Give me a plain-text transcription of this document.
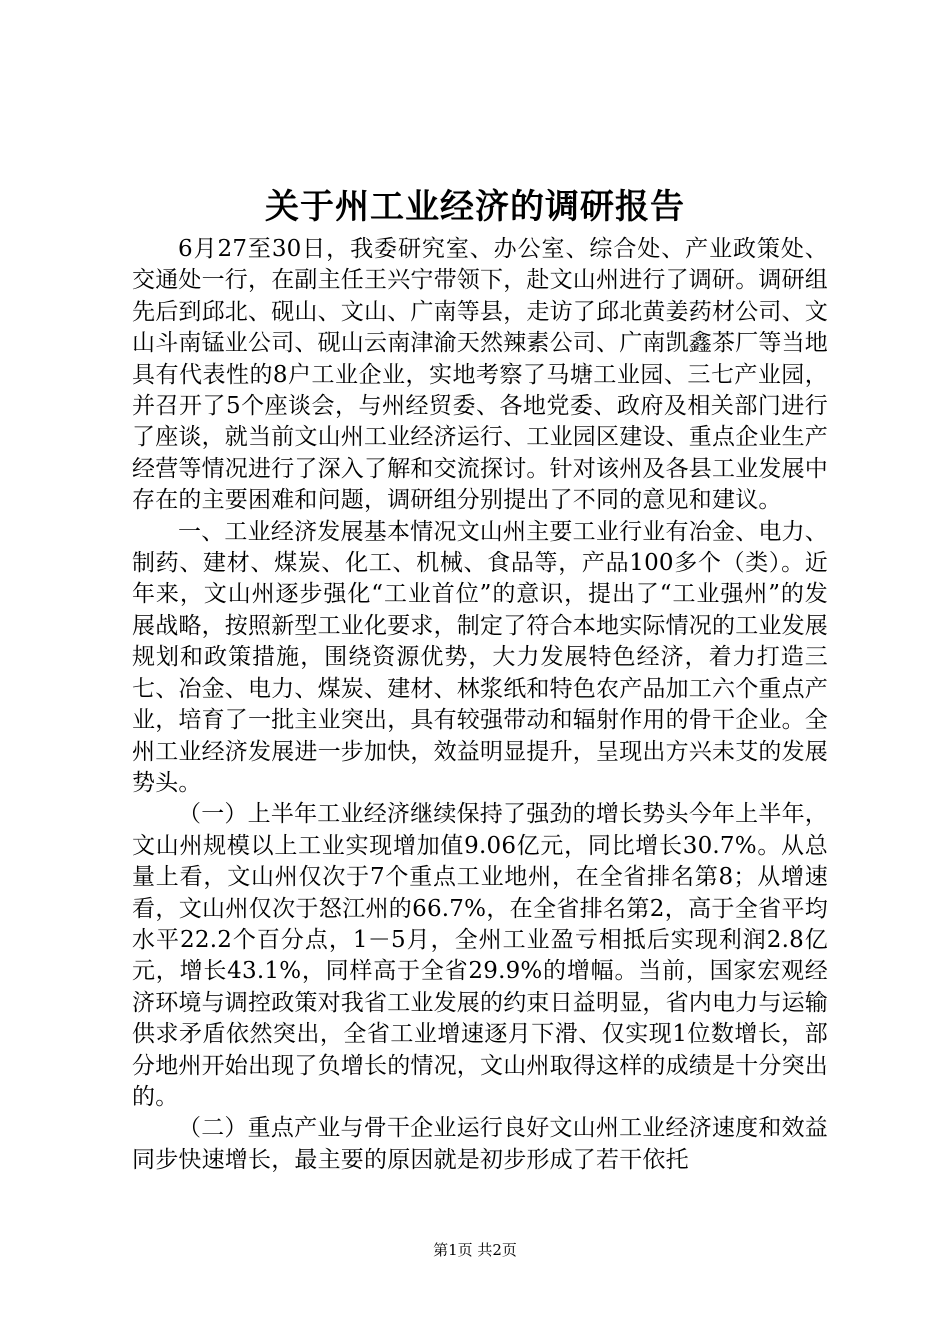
关于州工业经济的调研报告

6月27至30日，我委研究室、办公室、综合处、产业政策处、交通处一行，在副主任王兴宁带领下，赴文山州进行了调研。调研组先后到邱北、砚山、文山、广南等县，走访了邱北黄姜药材公司、文山斗南锰业公司、砚山云南津渝天然辣素公司、广南凯鑫茶厂等当地具有代表性的8户工业企业，实地考察了马塘工业园、三七产业园，并召开了5个座谈会，与州经贸委、各地党委、政府及相关部门进行了座谈，就当前文山州工业经济运行、工业园区建设、重点企业生产经营等情况进行了深入了解和交流探讨。针对该州及各县工业发展中存在的主要困难和问题，调研组分别提出了不同的意见和建议。

一、工业经济发展基本情况文山州主要工业行业有冶金、电力、制药、建材、煤炭、化工、机械、食品等，产品100多个（类）。近年来，文山州逐步强化“工业首位”的意识，提出了“工业强州”的发展战略，按照新型工业化要求，制定了符合本地实际情况的工业发展规划和政策措施，围绕资源优势，大力发展特色经济，着力打造三七、冶金、电力、煤炭、建材、林浆纸和特色农产品加工六个重点产业，培育了一批主业突出，具有较强带动和辐射作用的骨干企业。全州工业经济发展进一步加快，效益明显提升，呈现出方兴未艾的发展势头。

（一）上半年工业经济继续保持了强劲的增长势头今年上半年，文山州规模以上工业实现增加值9.06亿元，同比增长30.7%。从总量上看，文山州仅次于7个重点工业地州，在全省排名第8；从增速看，文山州仅次于怒江州的66.7%，在全省排名第2，高于全省平均水平22.2个百分点，1－5月，全州工业盈亏相抵后实现利润2.8亿元，增长43.1%，同样高于全省29.9%的增幅。当前，国家宏观经济环境与调控政策对我省工业发展的约束日益明显，省内电力与运输供求矛盾依然突出，全省工业增速逐月下滑、仅实现1位数增长，部分地州开始出现了负增长的情况，文山州取得这样的成绩是十分突出的。

（二）重点产业与骨干企业运行良好文山州工业经济速度和效益同步快速增长，最主要的原因就是初步形成了若干依托

第1页 共2页
